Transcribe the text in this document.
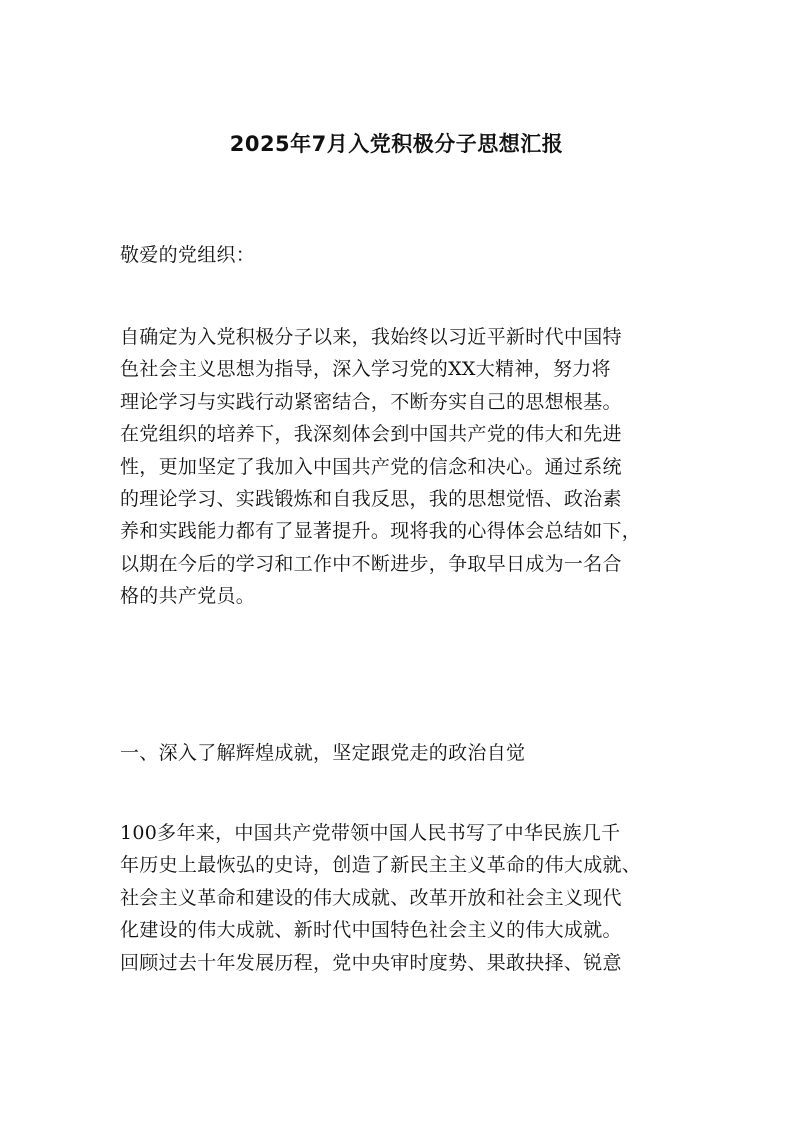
2025年7月入党积极分子思想汇报
敬爱的党组织：
自确定为入党积极分子以来，我始终以习近平新时代中国特
色社会主义思想为指导，深入学习党的XX大精神，努力将
理论学习与实践行动紧密结合，不断夯实自己的思想根基。
在党组织的培养下，我深刻体会到中国共产党的伟大和先进
性，更加坚定了我加入中国共产党的信念和决心。通过系统
的理论学习、实践锻炼和自我反思，我的思想觉悟、政治素
养和实践能力都有了显著提升。现将我的心得体会总结如下，
以期在今后的学习和工作中不断进步，争取早日成为一名合
格的共产党员。
一、深入了解辉煌成就，坚定跟党走的政治自觉
100多年来，中国共产党带领中国人民书写了中华民族几千
年历史上最恢弘的史诗，创造了新民主主义革命的伟大成就、
社会主义革命和建设的伟大成就、改革开放和社会主义现代
化建设的伟大成就、新时代中国特色社会主义的伟大成就。
回顾过去十年发展历程，党中央审时度势、果敢抉择、锐意
